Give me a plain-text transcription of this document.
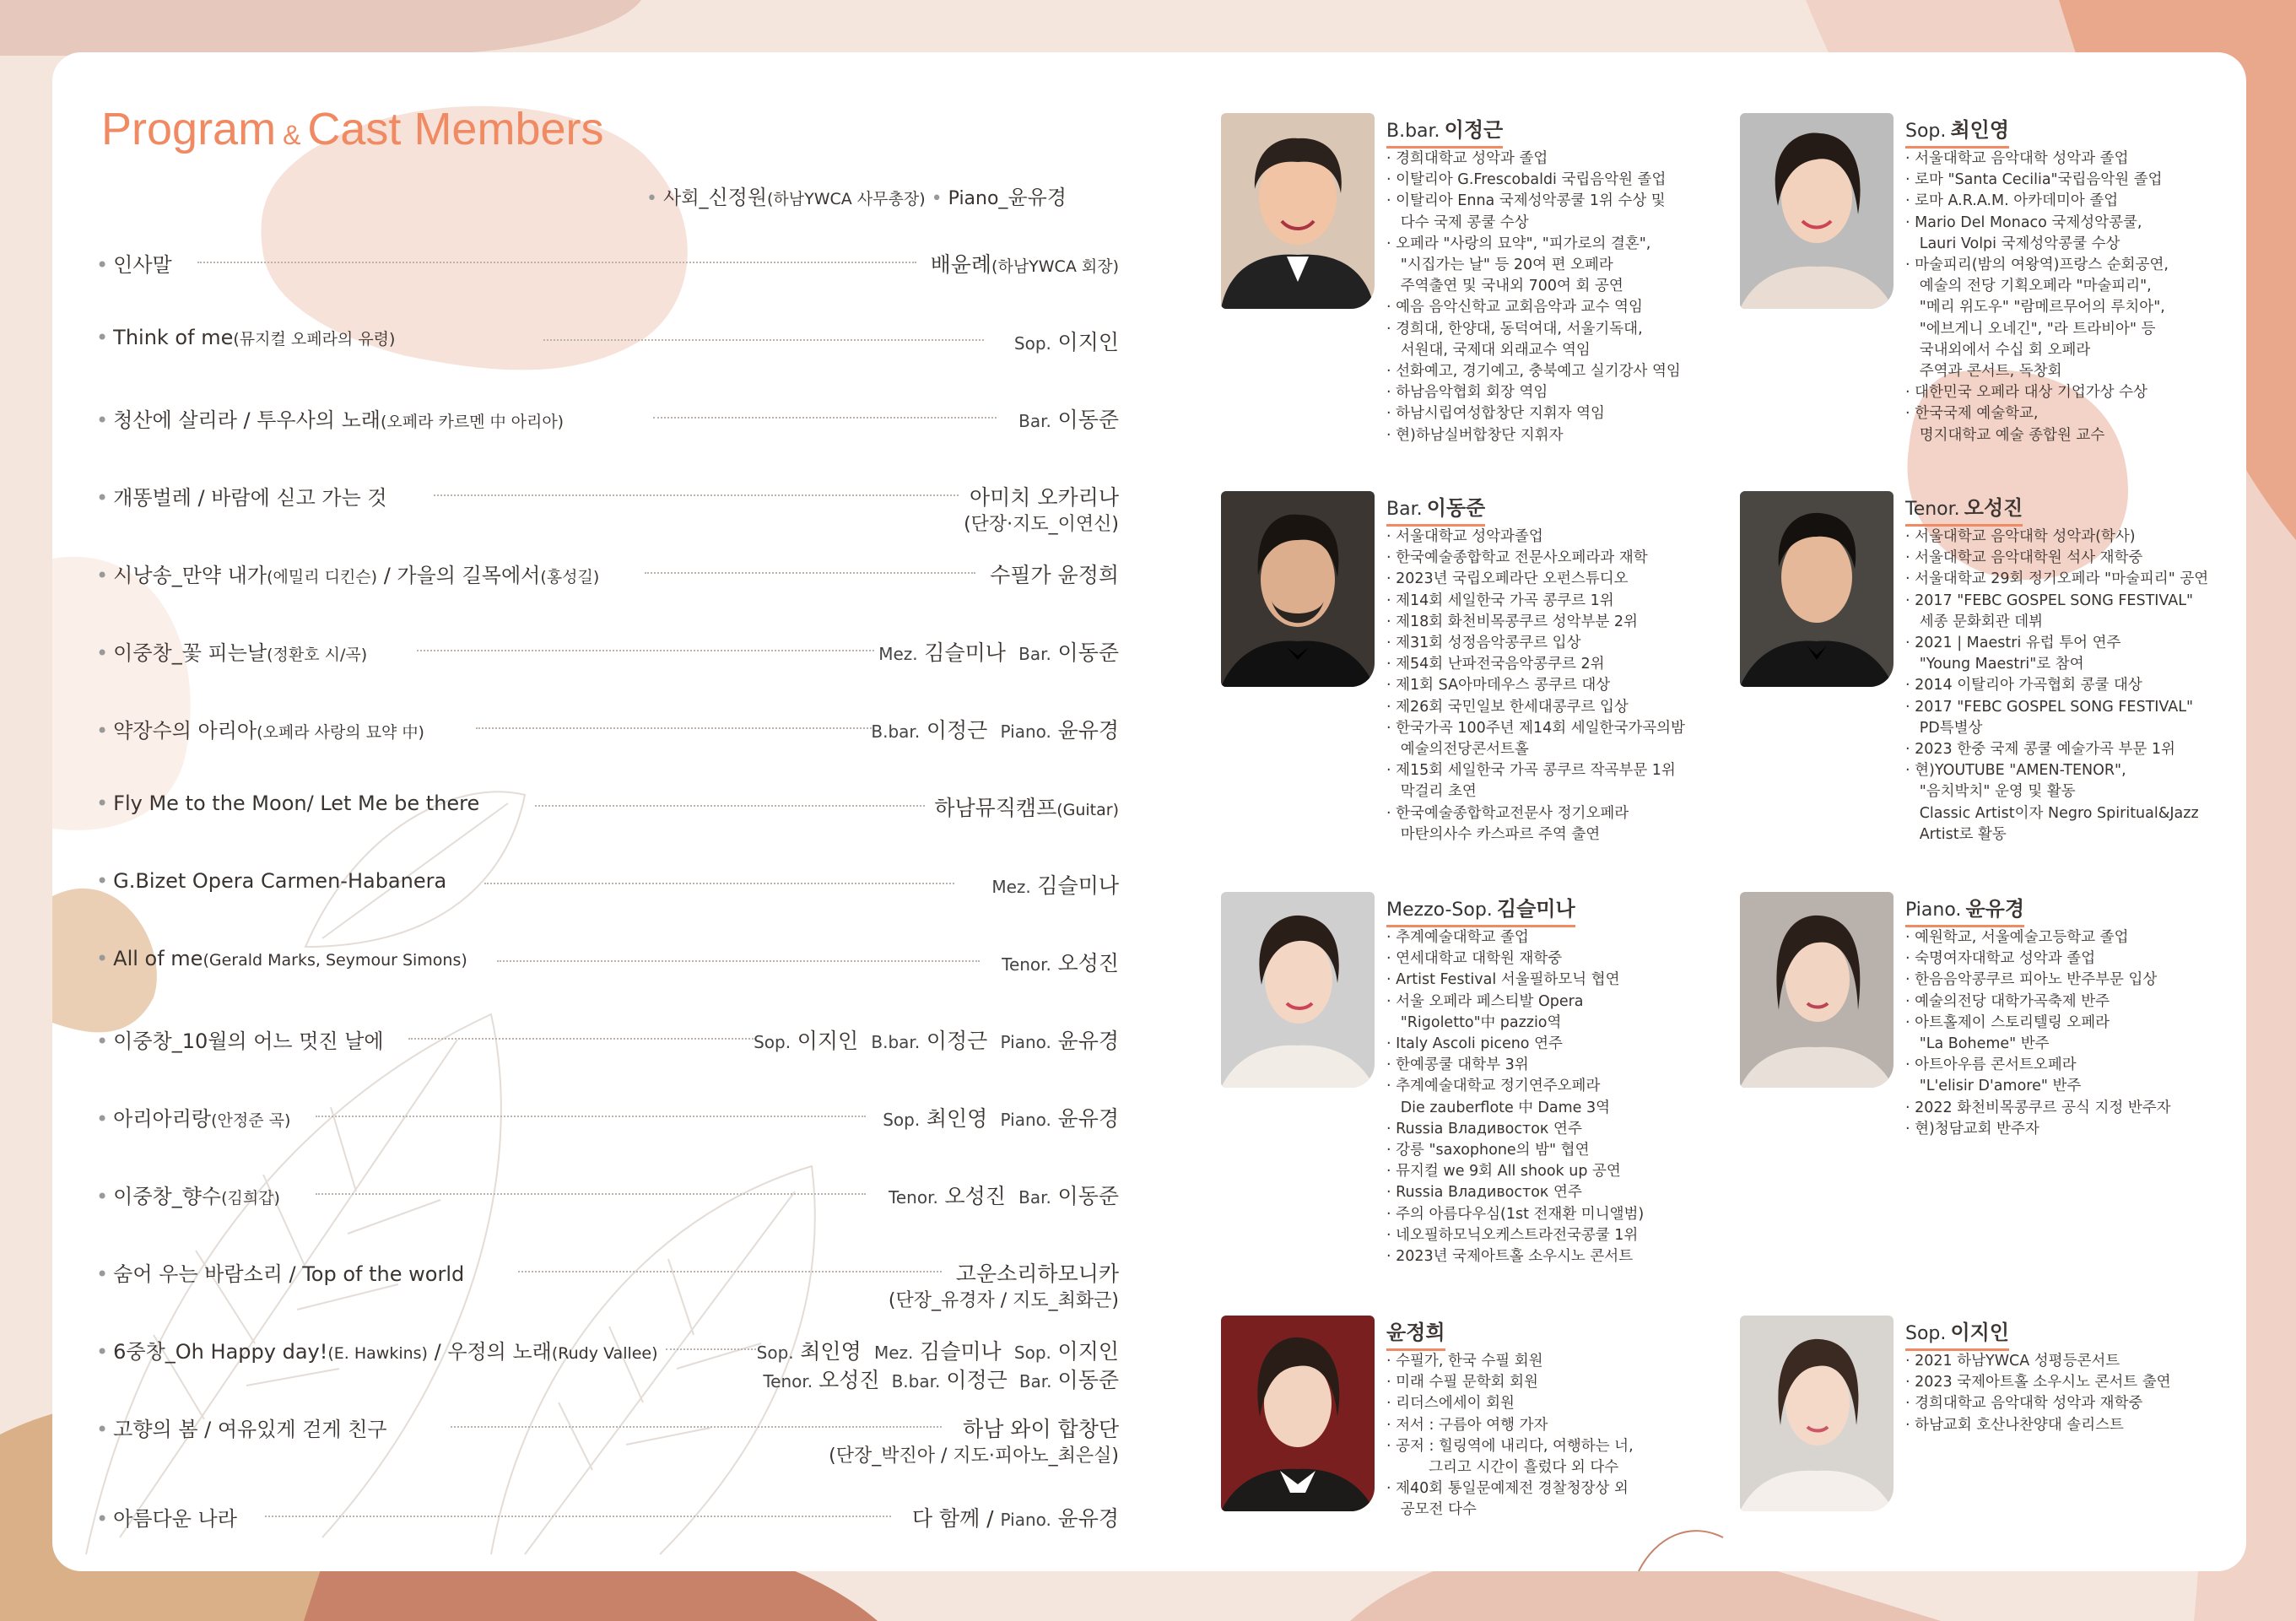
Program & Cast Members
• 사회_신정원(하남YWCA 사무총장) • Piano_윤유경
• 인사말	배윤례(하남YWCA 회장)
• Think of me(뮤지컬 오페라의 유령)	Sop. 이지인
• 청산에 살리라 / 투우사의 노래(오페라 카르멘 中 아리아)	Bar. 이동준
• 개똥벌레 / 바람에 싣고 가는 것	아미치 오카리나
(단장·지도_이연신)
• 시낭송_만약 내가(에밀리 디킨슨) / 가을의 길목에서(홍성길)	수필가 윤정희
• 이중창_꽃 피는날(정환호 시/곡)	Mez. 김슬미나 Bar. 이동준
• 약장수의 아리아(오페라 사랑의 묘약 中)	B.bar. 이정근 Piano. 윤유경
• Fly Me to the Moon/ Let Me be there	하남뮤직캠프(Guitar)
• G.Bizet Opera Carmen-Habanera	Mez. 김슬미나
• All of me(Gerald Marks, Seymour Simons)	Tenor. 오성진
• 이중창_10월의 어느 멋진 날에	Sop. 이지인 B.bar. 이정근 Piano. 윤유경
• 아리아리랑(안정준 곡)	Sop. 최인영 Piano. 윤유경
• 이중창_향수(김희갑)	Tenor. 오성진 Bar. 이동준
• 숨어 우는 바람소리 / Top of the world	고운소리하모니카
(단장_유경자 / 지도_최화근)
• 6중창_Oh Happy day!(E. Hawkins) / 우정의 노래(Rudy Vallee)	Sop. 최인영 Mez. 김슬미나 Sop. 이지인
Tenor. 오성진 B.bar. 이정근 Bar. 이동준
• 고향의 봄 / 여유있게 걷게 친구	하남 와이 합창단
(단장_박진아 / 지도·피아노_최은실)
• 아름다운 나라	다 함께 / Piano. 윤유경
B.bar. 이정근
· 경희대학교 성악과 졸업
· 이탈리아 G.Frescobaldi 국립음악원 졸업
· 이탈리아 Enna 국제성악콩쿨 1위 수상 및
다수 국제 콩쿨 수상
· 오페라 "사랑의 묘약", "피가로의 결혼",
"시집가는 날" 등 20여 편 오페라
주역출연 및 국내외 700여 회 공연
· 예음 음악신학교 교회음악과 교수 역임
· 경희대, 한양대, 동덕여대, 서울기독대,
서원대, 국제대 외래교수 역임
· 선화예고, 경기예고, 충북예고 실기강사 역임
· 하남음악협회 회장 역임
· 하남시립여성합창단 지휘자 역임
· 현)하남실버합창단 지휘자
Sop. 최인영
· 서울대학교 음악대학 성악과 졸업
· 로마 "Santa Cecilia"국립음악원 졸업
· 로마 A.R.A.M. 아카데미아 졸업
· Mario Del Monaco 국제성악콩쿨,
Lauri Volpi 국제성악콩쿨 수상
· 마술피리(밤의 여왕역)프랑스 순회공연,
예술의 전당 기획오페라 "마술피리",
"메리 위도우" "람메르무어의 루치아",
"에브게니 오네긴", "라 트라비아" 등
국내외에서 수십 회 오페라
주역과 콘서트, 독창회
· 대한민국 오페라 대상 기업가상 수상
· 한국국제 예술학교,
명지대학교 예술 종합원 교수
Bar. 이동준
· 서울대학교 성악과졸업
· 한국예술종합학교 전문사오페라과 재학
· 2023년 국립오페라단 오펀스튜디오
· 제14회 세일한국 가곡 콩쿠르 1위
· 제18회 화천비목콩쿠르 성악부분 2위
· 제31회 성정음악콩쿠르 입상
· 제54회 난파전국음악콩쿠르 2위
· 제1회 SA아마데우스 콩쿠르 대상
· 제26회 국민일보 한세대콩쿠르 입상
· 한국가곡 100주년 제14회 세일한국가곡의밤
예술의전당콘서트홀
· 제15회 세일한국 가곡 콩쿠르 작곡부문 1위
막걸리 초연
· 한국예술종합학교전문사 정기오페라
마탄의사수 카스파르 주역 출연
Tenor. 오성진
· 서울대학교 음악대학 성악과(학사)
· 서울대학교 음악대학원 석사 재학중
· 서울대학교 29회 정기오페라 "마술피리" 공연
· 2017 "FEBC GOSPEL SONG FESTIVAL"
세종 문화회관 데뷔
· 2021 | Maestri 유럽 투어 연주
"Young Maestri"로 참여
· 2014 이탈리아 가곡협회 콩쿨 대상
· 2017 "FEBC GOSPEL SONG FESTIVAL"
PD특별상
· 2023 한중 국제 콩쿨 예술가곡 부문 1위
· 현)YOUTUBE "AMEN-TENOR",
"음치박치" 운영 및 활동
Classic Artist이자 Negro Spiritual&Jazz
Artist로 활동
Mezzo-Sop. 김슬미나
· 추계예술대학교 졸업
· 연세대학교 대학원 재학중
· Artist Festival 서울필하모닉 협연
· 서울 오페라 페스티발 Opera
"Rigoletto"中 pazzio역
· Italy Ascoli piceno 연주
· 한예콩쿨 대학부 3위
· 추계예술대학교 정기연주오페라
Die zauberflote 中 Dame 3역
· Russia Владивосток 연주
· 강릉 "saxophone의 밤" 협연
· 뮤지컬 we 9회 All shook up 공연
· Russia Владивосток 연주
· 주의 아름다우심(1st 전재환 미니앨범)
· 네오필하모닉오케스트라전국콩쿨 1위
· 2023년 국제아트홀 소우시노 콘서트
Piano. 윤유경
· 예원학교, 서울예술고등학교 졸업
· 숙명여자대학교 성악과 졸업
· 한음음악콩쿠르 피아노 반주부문 입상
· 예술의전당 대학가곡축제 반주
· 아트홀제이 스토리텔링 오페라
"La Boheme" 반주
· 아트아우름 콘서트오페라
"L'elisir D'amore" 반주
· 2022 화천비목콩쿠르 공식 지정 반주자
· 현)청담교회 반주자
윤정희
· 수필가, 한국 수필 회원
· 미래 수필 문학회 회원
· 리더스에세이 회원
· 저서 : 구름아 여행 가자
· 공저 : 힐링역에 내리다, 여행하는 너,
그리고 시간이 흘렀다 외 다수
· 제40회 통일문예제전 경찰청장상 외
공모전 다수
Sop. 이지인
· 2021 하남YWCA 성평등콘서트
· 2023 국제아트홀 소우시노 콘서트 출연
· 경희대학교 음악대학 성악과 재학중
· 하남교회 호산나찬양대 솔리스트
